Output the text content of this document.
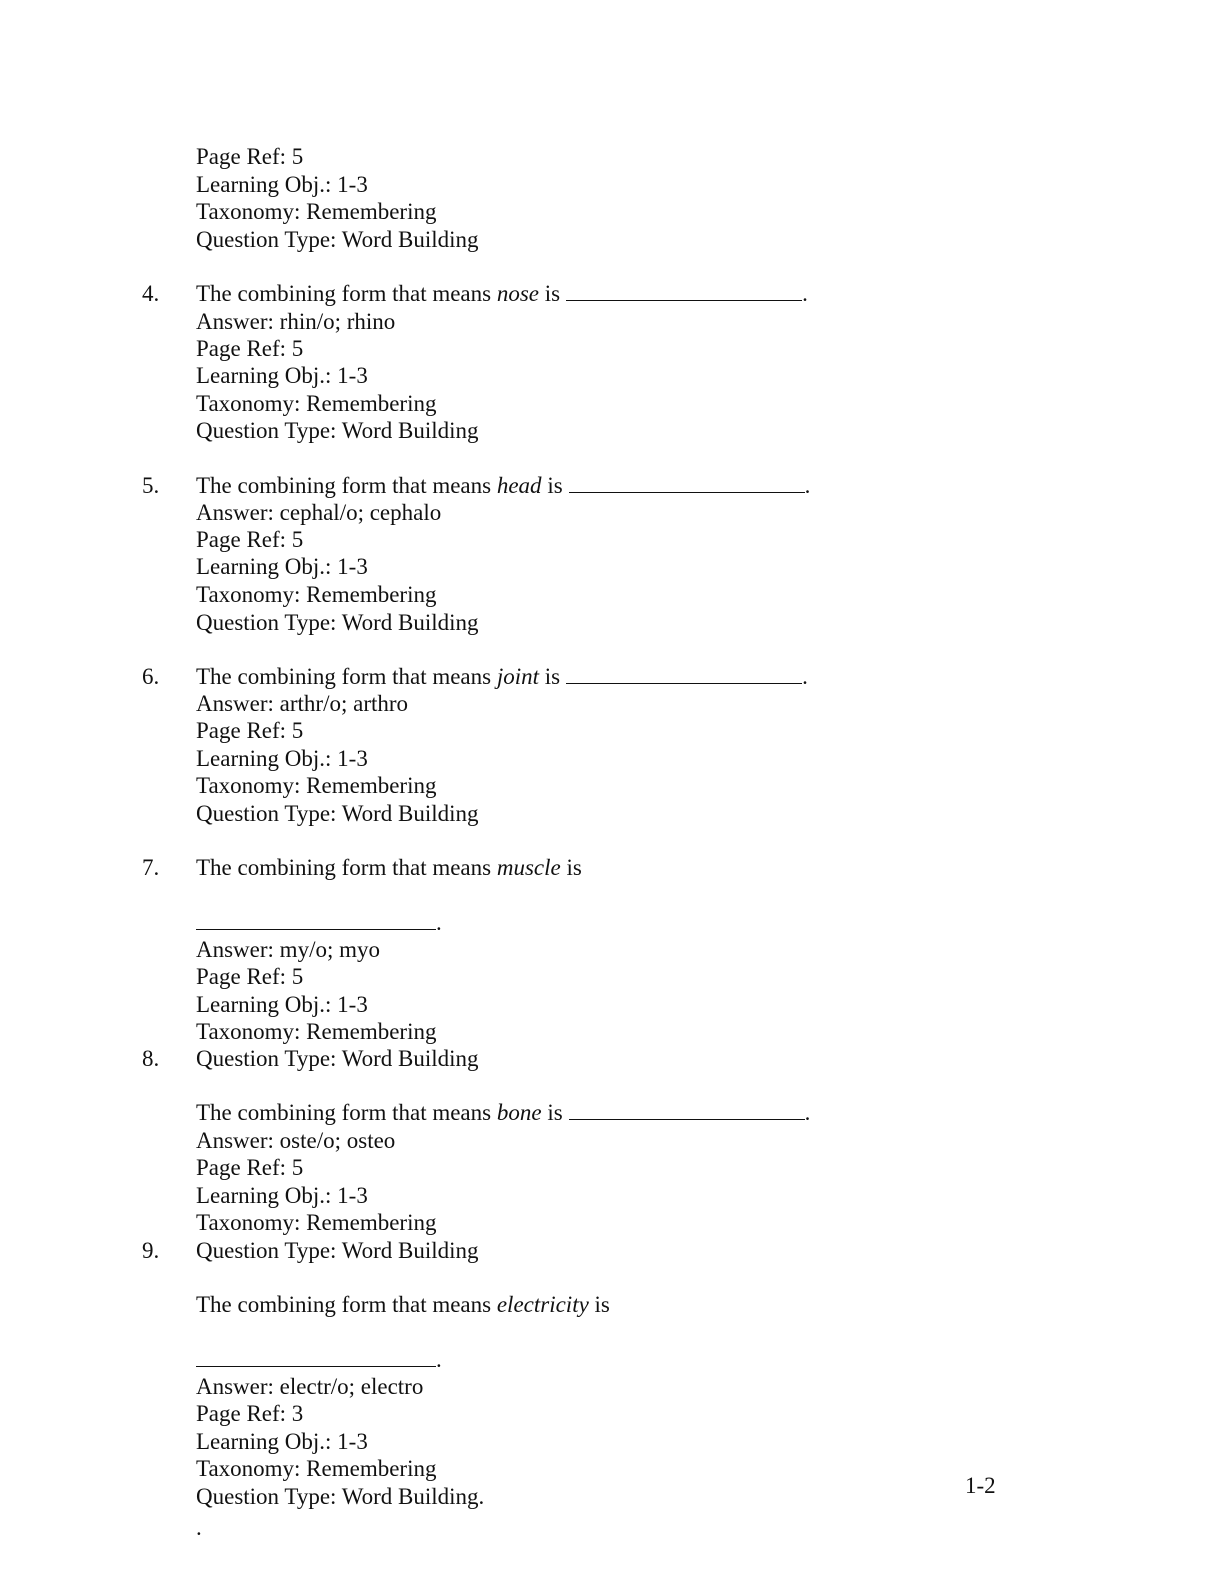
Page Ref: 5
Learning Obj.: 1-3
Taxonomy: Remembering
Question Type: Word Building
4. The combining form that means nose is	.
Answer: rhin/o; rhino
Page Ref: 5
Learning Obj.: 1-3
Taxonomy: Remembering
Question Type: Word Building
5. The combining form that means head is	.
Answer: cephal/o; cephalo
Page Ref: 5
Learning Obj.: 1-3
Taxonomy: Remembering
Question Type: Word Building
6. The combining form that means joint is	.
Answer: arthr/o; arthro
Page Ref: 5
Learning Obj.: 1-3
Taxonomy: Remembering
Question Type: Word Building
7. The combining form that means muscle is
.
Answer: my/o; myo
Page Ref: 5
Learning Obj.: 1-3
Taxonomy: Remembering
Question Type: Word Building
8.
The combining form that means bone is	.
Answer: oste/o; osteo
Page Ref: 5
Learning Obj.: 1-3
Taxonomy: Remembering
Question Type: Word Building
9.
The combining form that means electricity is
.
Answer: electr/o; electro
Page Ref: 3
Learning Obj.: 1-3
Taxonomy: Remembering
Question Type: Word Building.
.
1-2
